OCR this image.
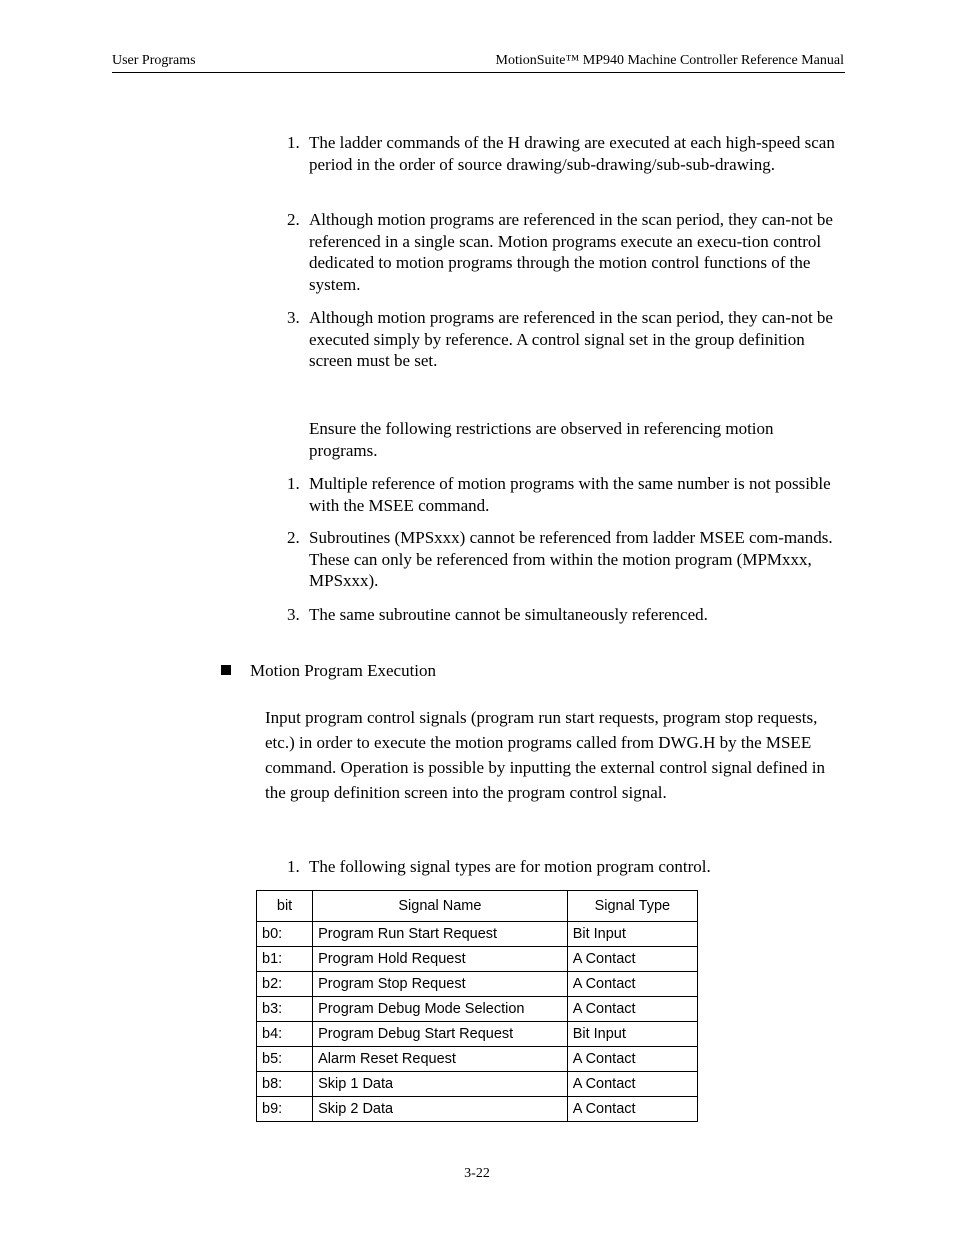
User Programs	MotionSuite™ MP940 Machine Controller Reference Manual
1. The ladder commands of the H drawing are executed at each high-speed scan period in the order of source drawing/sub-drawing/sub-sub-drawing.
2. Although motion programs are referenced in the scan period, they can-not be referenced in a single scan. Motion programs execute an execu-tion control dedicated to motion programs through the motion control functions of the system.
3. Although motion programs are referenced in the scan period, they can-not be executed simply by reference. A control signal set in the group definition screen must be set.
Ensure the following restrictions are observed in referencing motion programs.
1. Multiple reference of motion programs with the same number is not possible with the MSEE command.
2. Subroutines (MPSxxx) cannot be referenced from ladder MSEE com-mands. These can only be referenced from within the motion program (MPMxxx, MPSxxx).
3. The same subroutine cannot be simultaneously referenced.
Motion Program Execution
Input program control signals (program run start requests, program stop requests, etc.) in order to execute the motion programs called from DWG.H by the MSEE command. Operation is possible by inputting the external control signal defined in the group definition screen into the program control signal.
1. The following signal types are for motion program control.
bit	Signal Name	Signal Type
b0:	Program Run Start Request	Bit Input
b1:	Program Hold Request	A Contact
b2:	Program Stop Request	A Contact
b3:	Program Debug Mode Selection	A Contact
b4:	Program Debug Start Request	Bit Input
b5:	Alarm Reset Request	A Contact
b8:	Skip 1 Data	A Contact
b9:	Skip 2 Data	A Contact
3-22
